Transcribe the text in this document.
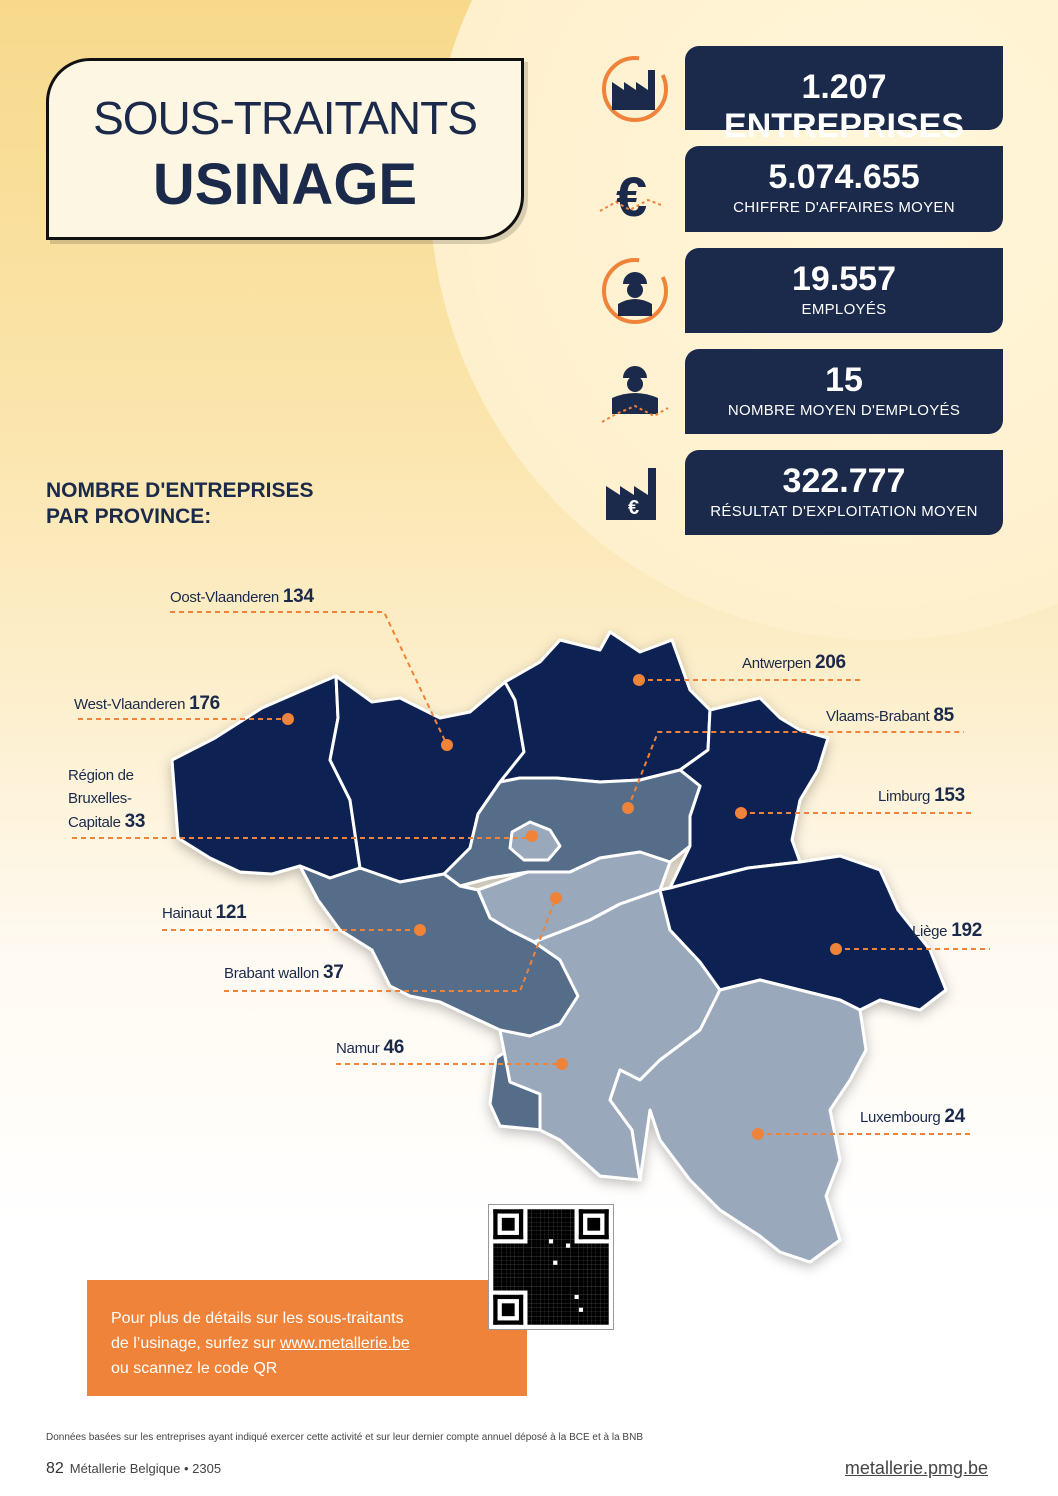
SOUS-TRAITANTS
USINAGE
1.207 ENTREPRISES
5.074.655
CHIFFRE D'AFFAIRES MOYEN
19.557
EMPLOYÉS
15
NOMBRE MOYEN D'EMPLOYÉS
322.777
RÉSULTAT D'EXPLOITATION MOYEN
€
€
NOMBRE D'ENTREPRISES
PAR PROVINCE:
Oost-Vlaanderen 134
West-Vlaanderen 176
Région de
Bruxelles-
Capitale 33
Hainaut 121
Brabant wallon 37
Namur 46
Antwerpen 206
Vlaams-Brabant 85
Limburg 153
Liège 192
Luxembourg 24
Pour plus de détails sur les sous-traitants
de l’usinage, surfez sur www.metallerie.be
ou scannez le code QR
Données basées sur les entreprises ayant indiqué exercer cette activité et sur leur dernier compte annuel déposé à la BCE et à la BNB
82 Métallerie Belgique • 2305	metallerie.pmg.be
